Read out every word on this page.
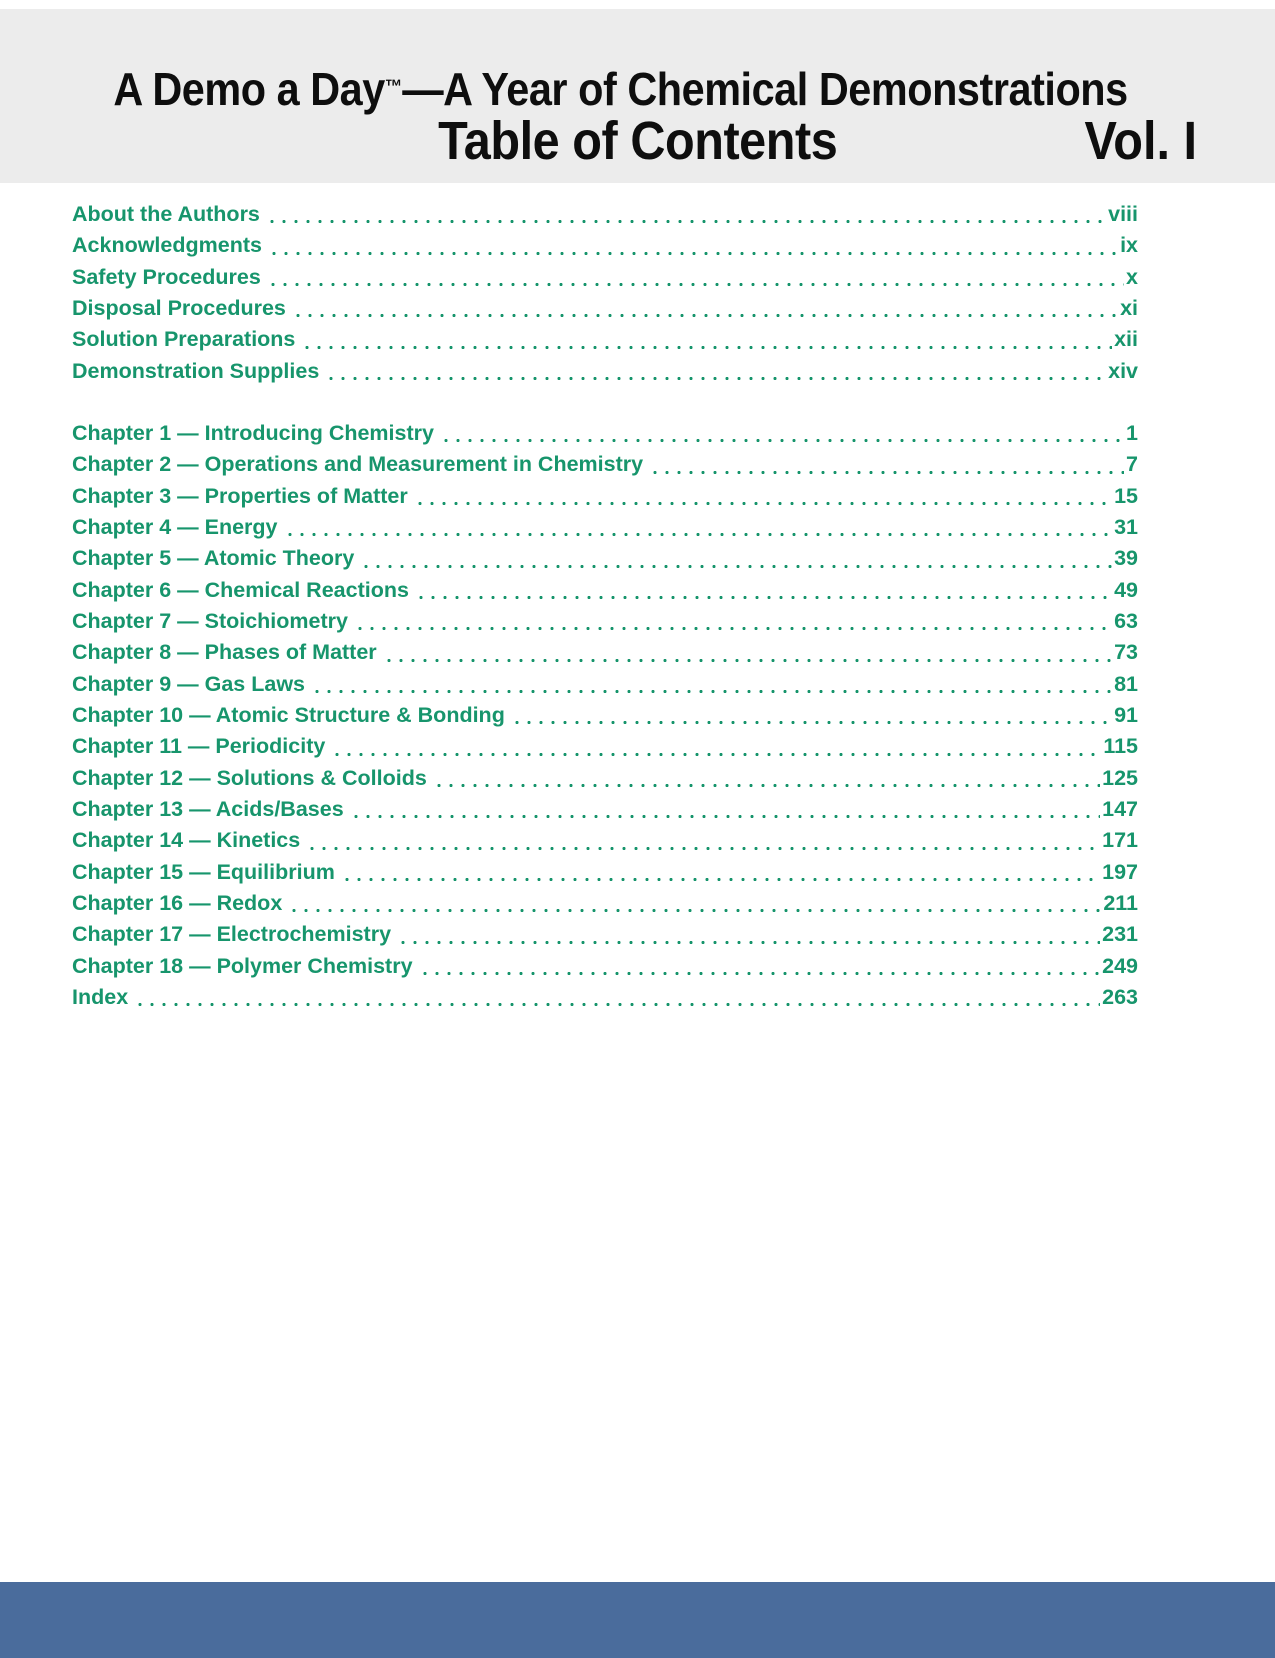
A Demo a Day™—A Year of Chemical Demonstrations
Table of Contents	Vol. I
About the Authors	viii
Acknowledgments	ix
Safety Procedures	x
Disposal Procedures	xi
Solution Preparations	xii
Demonstration Supplies	xiv
Chapter 1 — Introducing Chemistry	1
Chapter 2 — Operations and Measurement in Chemistry	7
Chapter 3 — Properties of Matter	15
Chapter 4 — Energy	31
Chapter 5 — Atomic Theory	39
Chapter 6 — Chemical Reactions	49
Chapter 7 — Stoichiometry	63
Chapter 8 — Phases of Matter	73
Chapter 9 — Gas Laws	81
Chapter 10 — Atomic Structure & Bonding	91
Chapter 11 — Periodicity	115
Chapter 12 — Solutions & Colloids	125
Chapter 13 — Acids/Bases	147
Chapter 14 — Kinetics	171
Chapter 15 — Equilibrium	197
Chapter 16 — Redox	211
Chapter 17 — Electrochemistry	231
Chapter 18 — Polymer Chemistry	249
Index	263
